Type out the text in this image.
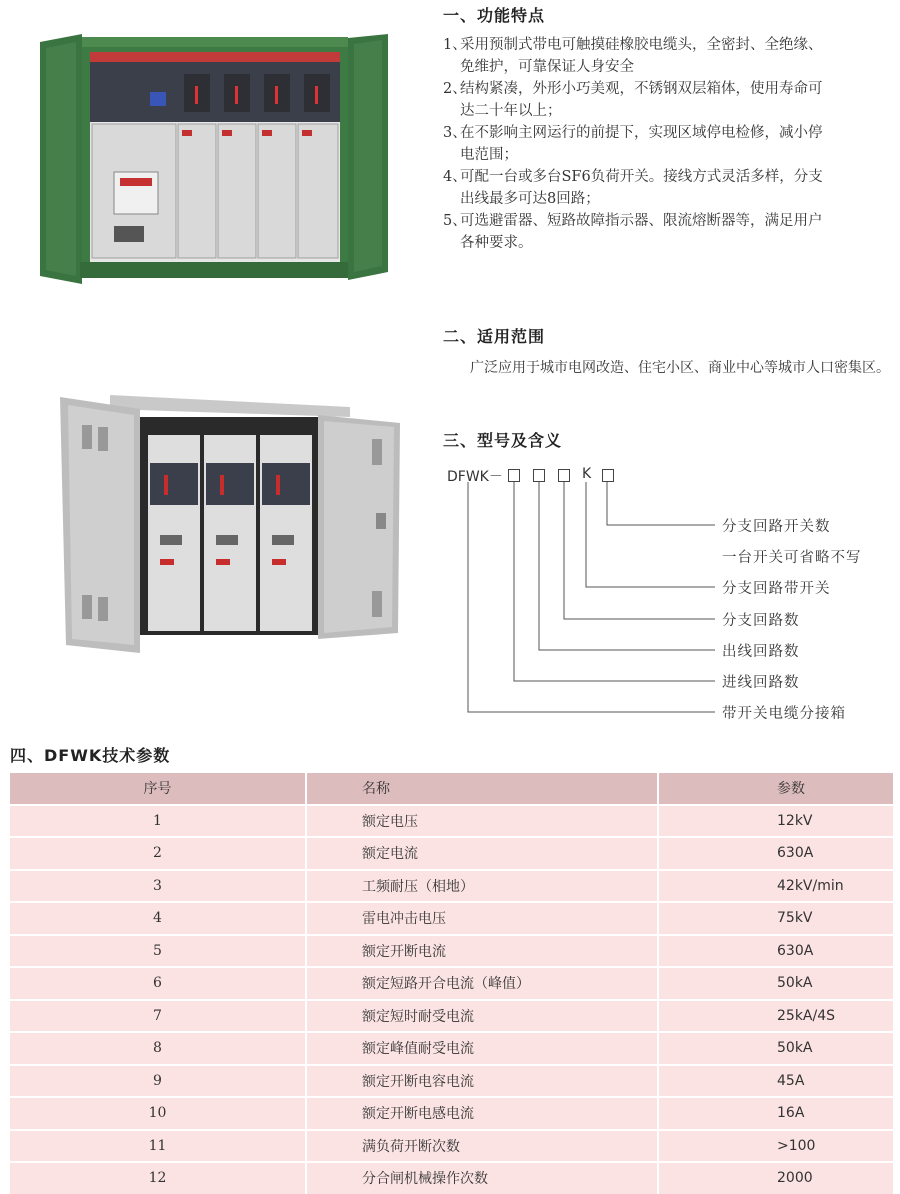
一、功能特点
1、采用预制式带电可触摸硅橡胶电缆头，全密封、全绝缘、
免维护，可靠保证人身安全
2、结构紧凑，外形小巧美观，不锈钢双层箱体，使用寿命可
达二十年以上；
3、在不影响主网运行的前提下，实现区域停电检修，减小停
电范围；
4、可配一台或多台SF6负荷开关。接线方式灵活多样，分支
出线最多可达8回路；
5、可选避雷器、短路故障指示器、限流熔断器等，满足用户
各种要求。
二、适用范围
广泛应用于城市电网改造、住宅小区、商业中心等城市人口密集区。
三、型号及含义
DFWK－	K
分支回路开关数
一台开关可省略不写
分支回路带开关
分支回路数
出线回路数
进线回路数
带开关电缆分接箱
四、DFWK技术参数
序号	名称	参数
1	额定电压	12kV
2	额定电流	630A
3	工频耐压（相地）	42kV/min
4	雷电冲击电压	75kV
5	额定开断电流	630A
6	额定短路开合电流（峰值）	50kA
7	额定短时耐受电流	25kA/4S
8	额定峰值耐受电流	50kA
9	额定开断电容电流	45A
10	额定开断电感电流	16A
11	满负荷开断次数	>100
12	分合闸机械操作次数	2000
